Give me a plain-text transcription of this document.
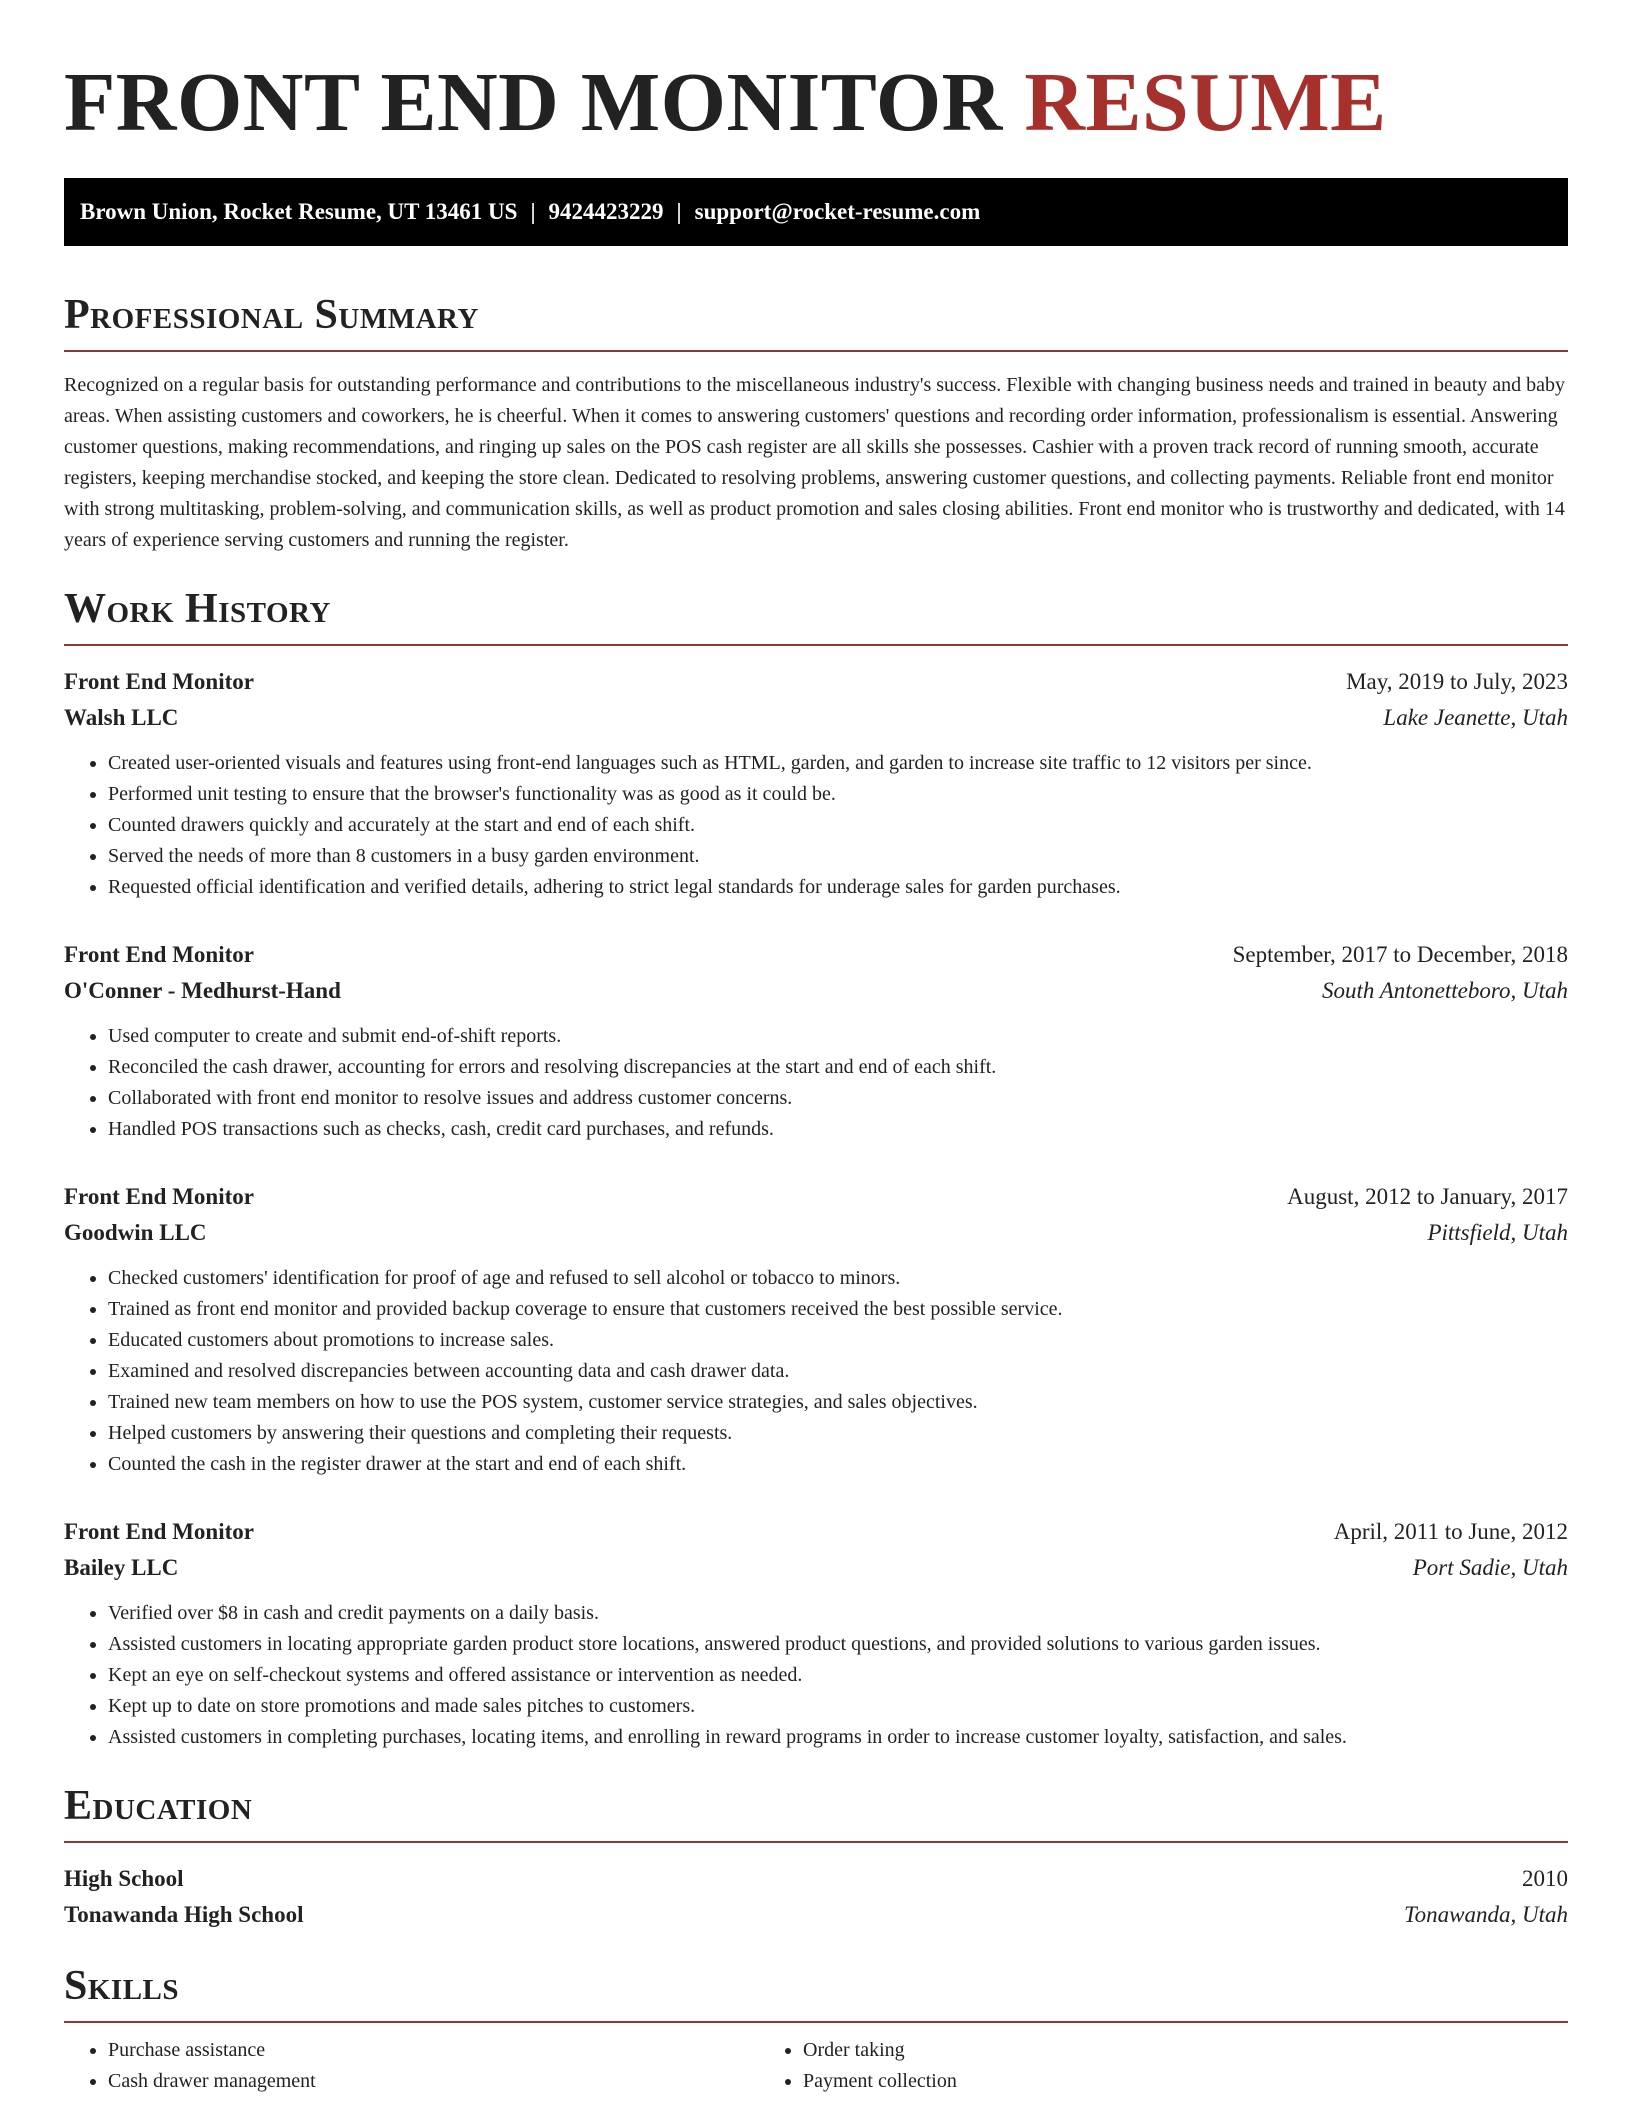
FRONT END MONITOR RESUME
Brown Union, Rocket Resume, UT 13461 US | 9424423229 | support@rocket-resume.com
Professional Summary

Recognized on a regular basis for outstanding performance and contributions to the miscellaneous industry's success. Flexible with changing business needs and trained in beauty and baby areas. When assisting customers and coworkers, he is cheerful. When it comes to answering customers' questions and recording order information, professionalism is essential. Answering customer questions, making recommendations, and ringing up sales on the POS cash register are all skills she possesses. Cashier with a proven track record of running smooth, accurate registers, keeping merchandise stocked, and keeping the store clean. Dedicated to resolving problems, answering customer questions, and collecting payments. Reliable front end monitor with strong multitasking, problem-solving, and communication skills, as well as product promotion and sales closing abilities. Front end monitor who is trustworthy and dedicated, with 14 years of experience serving customers and running the register.

Work History
Front End Monitor	May, 2019 to July, 2023
Walsh LLC	Lake Jeanette, Utah
• Created user-oriented visuals and features using front-end languages such as HTML, garden, and garden to increase site traffic to 12 visitors per since.
• Performed unit testing to ensure that the browser's functionality was as good as it could be.
• Counted drawers quickly and accurately at the start and end of each shift.
• Served the needs of more than 8 customers in a busy garden environment.
• Requested official identification and verified details, adhering to strict legal standards for underage sales for garden purchases.
Front End Monitor	September, 2017 to December, 2018
O'Conner - Medhurst-Hand	South Antonetteboro, Utah
• Used computer to create and submit end-of-shift reports.
• Reconciled the cash drawer, accounting for errors and resolving discrepancies at the start and end of each shift.
• Collaborated with front end monitor to resolve issues and address customer concerns.
• Handled POS transactions such as checks, cash, credit card purchases, and refunds.
Front End Monitor	August, 2012 to January, 2017
Goodwin LLC	Pittsfield, Utah
• Checked customers' identification for proof of age and refused to sell alcohol or tobacco to minors.
• Trained as front end monitor and provided backup coverage to ensure that customers received the best possible service.
• Educated customers about promotions to increase sales.
• Examined and resolved discrepancies between accounting data and cash drawer data.
• Trained new team members on how to use the POS system, customer service strategies, and sales objectives.
• Helped customers by answering their questions and completing their requests.
• Counted the cash in the register drawer at the start and end of each shift.
Front End Monitor	April, 2011 to June, 2012
Bailey LLC	Port Sadie, Utah
• Verified over $8 in cash and credit payments on a daily basis.
• Assisted customers in locating appropriate garden product store locations, answered product questions, and provided solutions to various garden issues.
• Kept an eye on self-checkout systems and offered assistance or intervention as needed.
• Kept up to date on store promotions and made sales pitches to customers.
• Assisted customers in completing purchases, locating items, and enrolling in reward programs in order to increase customer loyalty, satisfaction, and sales.
Education
High School	2010
Tonawanda High School	Tonawanda, Utah
Skills
• Purchase assistance
• Cash drawer management
• Order taking
• Payment collection
